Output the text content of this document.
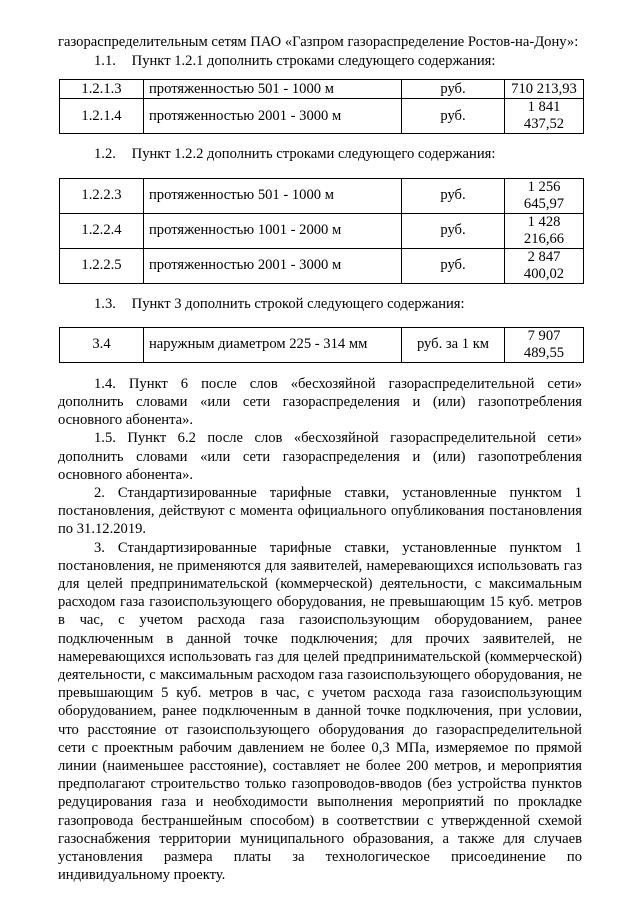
газораспределительным сетям ПАО «Газпром газораспределение Ростов-на-Дону»:

1.1. Пункт 1.2.1 дополнить строками следующего содержания:

1.2.1.3	протяженностью 501 - 1000 м	руб.	710 213,93
1.2.1.4	протяженностью 2001 - 3000 м	руб.	1 841 437,52

1.2. Пункт 1.2.2 дополнить строками следующего содержания:

1.2.2.3	протяженностью 501 - 1000 м	руб.	1 256 645,97
1.2.2.4	протяженностью 1001 - 2000 м	руб.	1 428 216,66
1.2.2.5	протяженностью 2001 - 3000 м	руб.	2 847 400,02

1.3. Пункт 3 дополнить строкой следующего содержания:

3.4	наружным диаметром 225 - 314 мм	руб. за 1 км	7 907 489,55

1.4. Пункт 6 после слов «бесхозяйной газораспределительной сети» дополнить словами «или сети газораспределения и (или) газопотребления основного абонента».

1.5. Пункт 6.2 после слов «бесхозяйной газораспределительной сети» дополнить словами «или сети газораспределения и (или) газопотребления основного абонента».

2. Стандартизированные тарифные ставки, установленные пунктом 1 постановления, действуют с момента официального опубликования постановления по 31.12.2019.

3. Стандартизированные тарифные ставки, установленные пунктом 1 постановления, не применяются для заявителей, намеревающихся использовать газ для целей предпринимательской (коммерческой) деятельности, с максимальным расходом газа газоиспользующего оборудования, не превышающим 15 куб. метров в час, с учетом расхода газа газоиспользующим оборудованием, ранее подключенным в данной точке подключения; для прочих заявителей, не намеревающихся использовать газ для целей предпринимательской (коммерческой) деятельности, с максимальным расходом газа газоиспользующего оборудования, не превышающим 5 куб. метров в час, с учетом расхода газа газоиспользующим оборудованием, ранее подключенным в данной точке подключения, при условии, что расстояние от газоиспользующего оборудования до газораспределительной сети с проектным рабочим давлением не более 0,3 МПа, измеряемое по прямой линии (наименьшее расстояние), составляет не более 200 метров, и мероприятия предполагают строительство только газопроводов-вводов (без устройства пунктов редуцирования газа и необходимости выполнения мероприятий по прокладке газопровода бестраншейным способом) в соответствии с утвержденной схемой газоснабжения территории муниципального образования, а также для случаев установления размера платы за технологическое присоединение по индивидуальному проекту.
